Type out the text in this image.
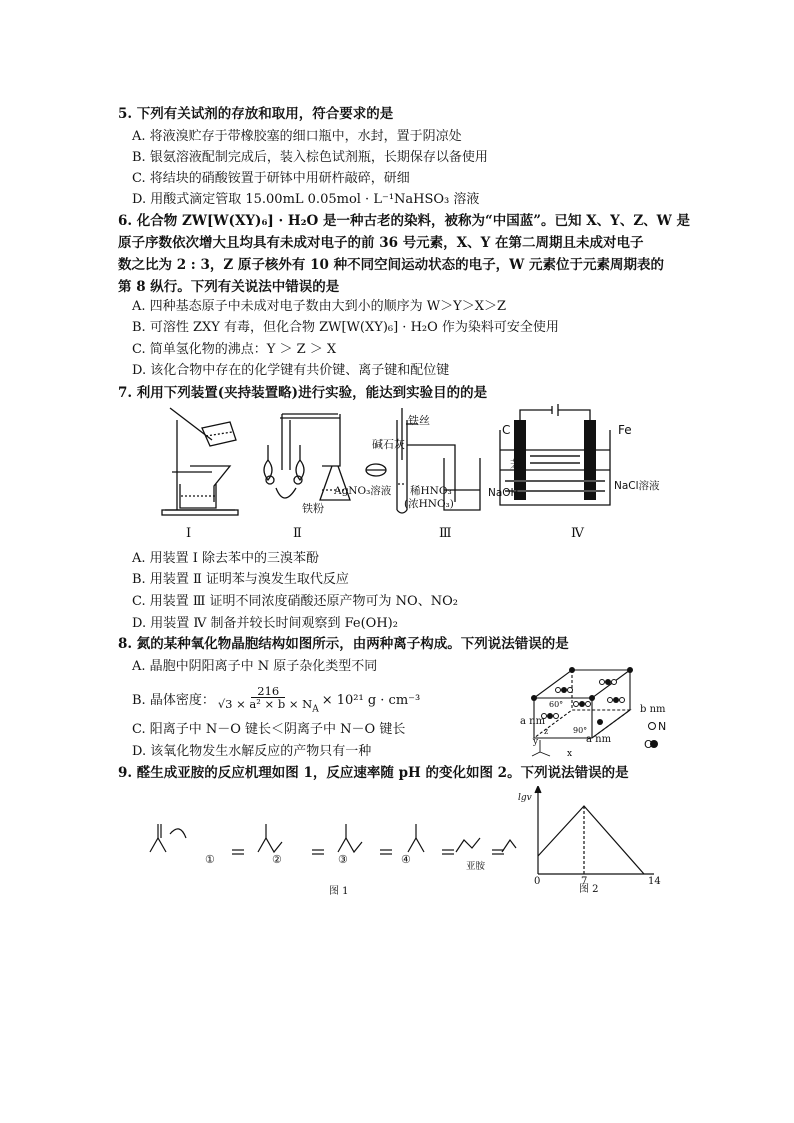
5. 下列有关试剂的存放和取用，符合要求的是
A. 将液溴贮存于带橡胶塞的细口瓶中，水封，置于阴凉处
B. 银氨溶液配制完成后，装入棕色试剂瓶，长期保存以备使用
C. 将结块的硝酸铵置于研钵中用研杵敲碎，研细
D. 用酸式滴定管取 15.00mL 0.05mol · L⁻¹NaHSO₃ 溶液
6. 化合物 ZW[W(XY)₆] · H₂O 是一种古老的染料，被称为“中国蓝”。已知 X、Y、Z、W 是
原子序数依次增大且均具有未成对电子的前 36 号元素，X、Y 在第二周期且未成对电子
数之比为 2 : 3，Z 原子核外有 10 种不同空间运动状态的电子，W 元素位于元素周期表的
第 8 纵行。下列有关说法中错误的是
A. 四种基态原子中未成对电子数由大到小的顺序为 W＞Y＞X＞Z
B. 可溶性 ZXY 有毒，但化合物 ZW[W(XY)₆] · H₂O 作为染料可安全使用
C. 简单氢化物的沸点：Y ＞ Z ＞ X
D. 该化合物中存在的化学键有共价键、离子键和配位键
7. 利用下列装置(夹持装置略)进行实验，能达到实验目的的是
碱石灰
AgNO₃溶液
铁粉
铁丝
稀HNO₃
(浓HNO₃)
NaOH
C	Fe
苯
NaCl溶液
Ⅰ	Ⅱ	Ⅲ	Ⅳ
A. 用装置 Ⅰ 除去苯中的三溴苯酚
B. 用装置 Ⅱ 证明苯与溴发生取代反应
C. 用装置 Ⅲ 证明不同浓度硝酸还原产物可为 NO、NO₂
D. 用装置 Ⅳ 制备并较长时间观察到 Fe(OH)₂
8. 氮的某种氧化物晶胞结构如图所示，由两种离子构成。下列说法错误的是
A. 晶胞中阴阳离子中 N 原子杂化类型不同
B. 晶体密度： $\frac{216}{√3 \times a^2 \times b \times N_A} \times 10^{21}$ g · cm⁻³
C. 阳离子中 N－O 键长＜阴离子中 N－O 键长
D. 该氧化物发生水解反应的产物只有一种
a nm
a nm
b nm
60°
90°
y
z
x
N
O
9. 醛生成亚胺的反应机理如图 1，反应速率随 pH 的变化如图 2。下列说法错误的是
①	②	③	④
亚胺
图 1
lgv
0	7	14
图 2
